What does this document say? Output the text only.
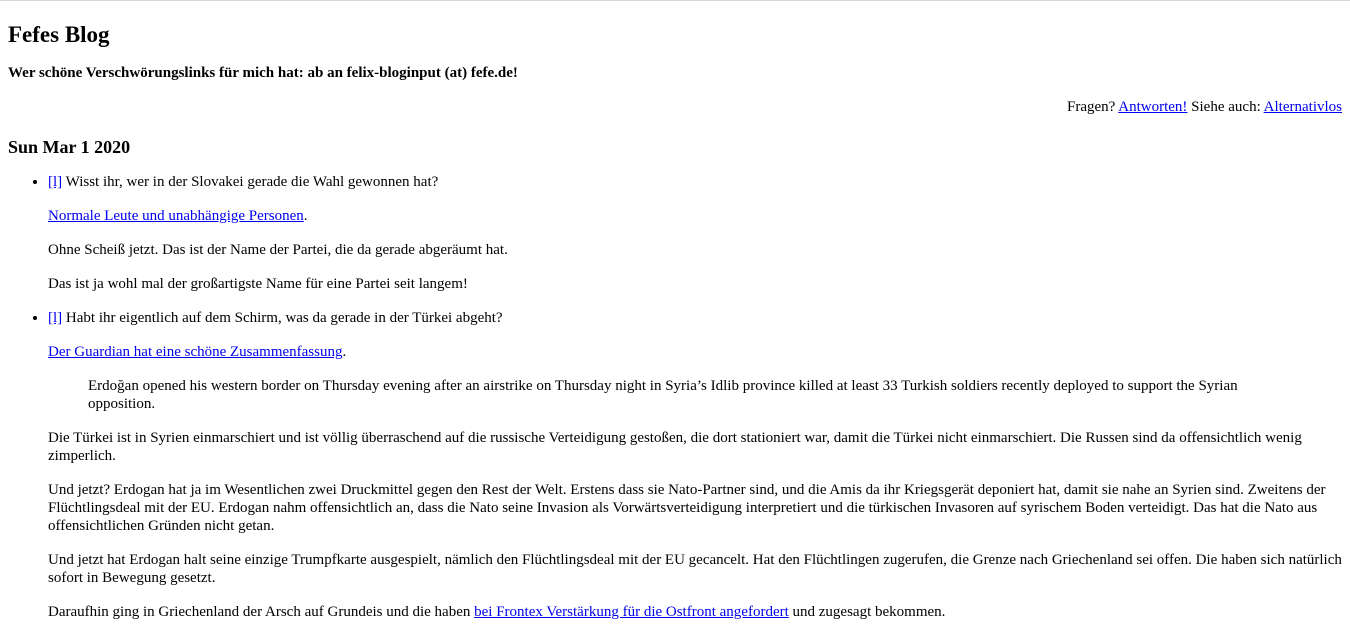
Fefes Blog
Wer schöne Verschwörungslinks für mich hat: ab an felix-bloginput (at) fefe.de!
Fragen? Antworten! Siehe auch: Alternativlos
Sun Mar 1 2020
• [l] Wisst ihr, wer in der Slovakei gerade die Wahl gewonnen hat?

Normale Leute und unabhängige Personen.

Ohne Scheiß jetzt. Das ist der Name der Partei, die da gerade abgeräumt hat.

Das ist ja wohl mal der großartigste Name für eine Partei seit langem!

• [l] Habt ihr eigentlich auf dem Schirm, was da gerade in der Türkei abgeht?

Der Guardian hat eine schöne Zusammenfassung.

Erdoğan opened his western border on Thursday evening after an airstrike on Thursday night in Syria’s Idlib province killed at least 33 Turkish soldiers recently deployed to support the Syrian opposition.

Die Türkei ist in Syrien einmarschiert und ist völlig überraschend auf die russische Verteidigung gestoßen, die dort stationiert war, damit die Türkei nicht einmarschiert. Die Russen sind da offensichtlich wenig zimperlich.

Und jetzt? Erdogan hat ja im Wesentlichen zwei Druckmittel gegen den Rest der Welt. Erstens dass sie Nato-Partner sind, und die Amis da ihr Kriegsgerät deponiert hat, damit sie nahe an Syrien sind. Zweitens der Flüchtlingsdeal mit der EU. Erdogan nahm offensichtlich an, dass die Nato seine Invasion als Vorwärtsverteidigung interpretiert und die türkischen Invasoren auf syrischem Boden verteidigt. Das hat die Nato aus offensichtlichen Gründen nicht getan.

Und jetzt hat Erdogan halt seine einzige Trumpfkarte ausgespielt, nämlich den Flüchtlingsdeal mit der EU gecancelt. Hat den Flüchtlingen zugerufen, die Grenze nach Griechenland sei offen. Die haben sich natürlich sofort in Bewegung gesetzt.

Daraufhin ging in Griechenland der Arsch auf Grundeis und die haben bei Frontex Verstärkung für die Ostfront angefordert und zugesagt bekommen.
